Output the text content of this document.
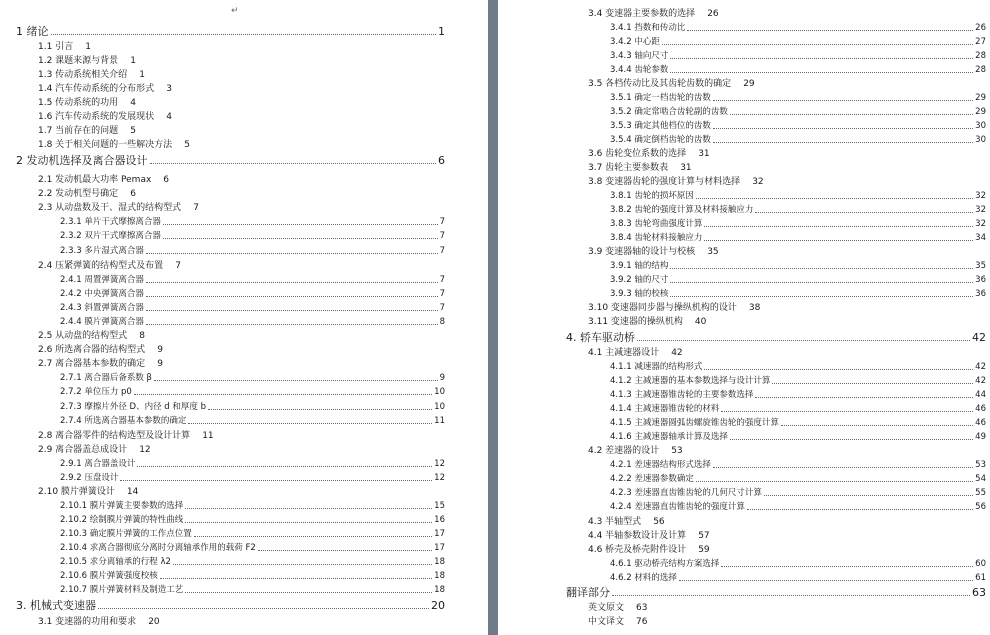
↵
1 绪论	1
1.1 引言 1
1.2 课题来源与背景 1
1.3 传动系统相关介绍 1
1.4 汽车传动系统的分布形式 3
1.5 传动系统的功用 4
1.6 汽车传动系统的发展现状 4
1.7 当前存在的问题 5
1.8 关于相关问题的一些解决方法 5
2 发动机选择及离合器设计	6
2.1 发动机最大功率 Pemax 6
2.2 发动机型号确定 6
2.3 从动盘数及干、湿式的结构型式 7
2.3.1 单片干式摩擦离合器	7
2.3.2 双片干式摩擦离合器	7
2.3.3 多片湿式离合器	7
2.4 压紧弹簧的结构型式及布置 7
2.4.1 周置弹簧离合器	7
2.4.2 中央弹簧离合器	7
2.4.3 斜置弹簧离合器	7
2.4.4 膜片弹簧离合器	8
2.5 从动盘的结构型式 8
2.6 所选离合器的结构型式 9
2.7 离合器基本参数的确定 9
2.7.1 离合器后备系数 β	9
2.7.2 单位压力 p0	10
2.7.3 摩擦片外径 D、内径 d 和厚度 b	10
2.7.4 所选离合器基本参数的确定	11
2.8 离合器零件的结构选型及设计计算 11
2.9 离合器盖总成设计 12
2.9.1 离合器盖设计	12
2.9.2 压盘设计	12
2.10 膜片弹簧设计 14
2.10.1 膜片弹簧主要参数的选择	15
2.10.2 绘制膜片弹簧的特性曲线	16
2.10.3 确定膜片弹簧的工作点位置	17
2.10.4 求离合器彻底分离时分离轴承作用的载荷 F2	17
2.10.5 求分离轴承的行程 λ2	18
2.10.6 膜片弹簧强度校核	18
2.10.7 膜片弹簧材料及制造工艺	18
3. 机械式变速器	20
3.1 变速器的功用和要求 20
3.4 变速器主要参数的选择 26
3.4.1 挡数和传动比	26
3.4.2 中心距	27
3.4.3 轴向尺寸	28
3.4.4 齿轮参数	28
3.5 各档传动比及其齿轮齿数的确定 29
3.5.1 确定一档齿轮的齿数	29
3.5.2 确定常啮合齿轮副的齿数	29
3.5.3 确定其他档位的齿数	30
3.5.4 确定倒档齿轮的齿数	30
3.6 齿轮变位系数的选择 31
3.7 齿轮主要参数表 31
3.8 变速器齿轮的强度计算与材料选择 32
3.8.1 齿轮的损坏原因	32
3.8.2 齿轮的强度计算及材料接触应力	32
3.8.3 齿轮弯曲强度计算	32
3.8.4 齿轮材料接触应力	34
3.9 变速器轴的设计与校核 35
3.9.1 轴的结构	35
3.9.2 轴的尺寸	36
3.9.3 轴的校核	36
3.10 变速器同步器与操纵机构的设计 38
3.11 变速器的操纵机构 40
4. 轿车驱动桥	42
4.1 主减速器设计 42
4.1.1 减速器的结构形式	42
4.1.2 主减速器的基本参数选择与设计计算	42
4.1.3 主减速器锥齿轮的主要参数选择	44
4.1.4 主减速器锥齿轮的材料	46
4.1.5 主减速器圆弧齿螺旋锥齿轮的强度计算	46
4.1.6 主减速器轴承计算及选择	49
4.2 差速器的设计 53
4.2.1 差速器结构形式选择	53
4.2.2 差速器参数确定	54
4.2.3 差速器直齿锥齿轮的几何尺寸计算	55
4.2.4 差速器直齿锥齿轮的强度计算	56
4.3 半轴型式 56
4.4 半轴参数设计及计算 57
4.6 桥壳及桥壳附件设计 59
4.6.1 驱动桥壳结构方案选择	60
4.6.2 材料的选择	61
翻译部分	63
英文原文 63
中文译文 76
